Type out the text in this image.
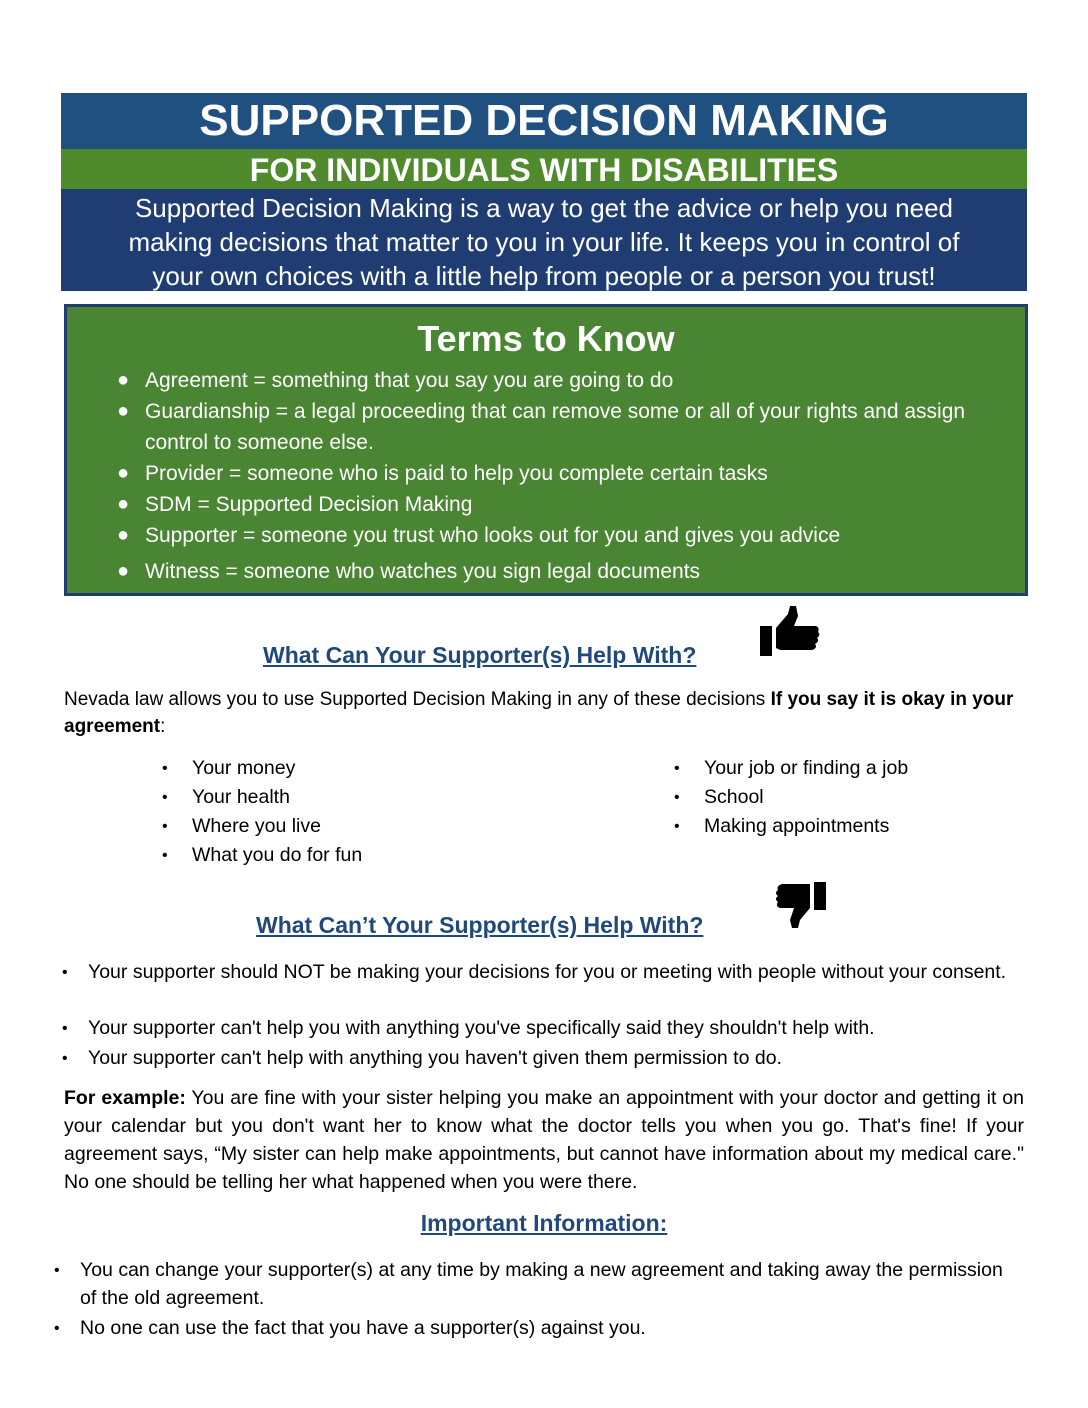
SUPPORTED DECISION MAKING
FOR INDIVIDUALS WITH DISABILITIES
Supported Decision Making is a way to get the advice or help you need
making decisions that matter to you in your life. It keeps you in control of
your own choices with a little help from people or a person you trust!
Terms to Know
● Agreement = something that you say you are going to do
● Guardianship = a legal proceeding that can remove some or all of your rights and assign control to someone else.
● Provider = someone who is paid to help you complete certain tasks
● SDM = Supported Decision Making
● Supporter = someone you trust who looks out for you and gives you advice
● Witness = someone who watches you sign legal documents
What Can Your Supporter(s) Help With?
Nevada law allows you to use Supported Decision Making in any of these decisions If you say it is okay in your agreement:
• Your money
• Your health
• Where you live
• What you do for fun
• Your job or finding a job
• School
• Making appointments
What Can’t Your Supporter(s) Help With?
• Your supporter should NOT be making your decisions for you or meeting with people without your consent.
• Your supporter can't help you with anything you've specifically said they shouldn't help with.
• Your supporter can't help with anything you haven't given them permission to do.
For example: You are fine with your sister helping you make an appointment with your doctor and getting it on your calendar but you don't want her to know what the doctor tells you when you go. That's fine! If your agreement says, “My sister can help make appointments, but cannot have information about my medical care." No one should be telling her what happened when you were there.
Important Information:
• You can change your supporter(s) at any time by making a new agreement and taking away the permission of the old agreement.
• No one can use the fact that you have a supporter(s) against you.
